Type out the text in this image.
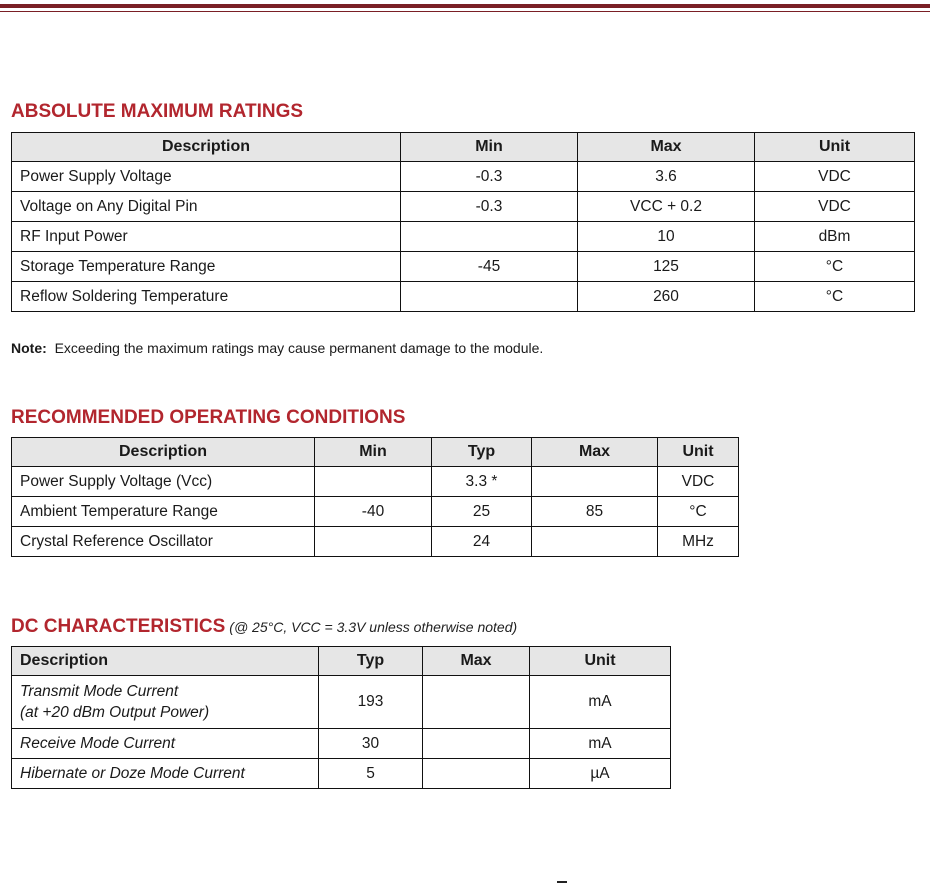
ABSOLUTE MAXIMUM RATINGS
Description	Min	Max	Unit
Power Supply Voltage	-0.3	3.6	VDC
Voltage on Any Digital Pin	-0.3	VCC + 0.2	VDC
RF Input Power		10	dBm
Storage Temperature Range	-45	125	°C
Reflow Soldering Temperature		260	°C

Note: Exceeding the maximum ratings may cause permanent damage to the module.

RECOMMENDED OPERATING CONDITIONS
Description	Min	Typ	Max	Unit
Power Supply Voltage (Vcc)		3.3 *		VDC
Ambient Temperature Range	-40	25	85	°C
Crystal Reference Oscillator		24		MHz
DC CHARACTERISTICS (@ 25°C, VCC = 3.3V unless otherwise noted)
Description	Typ	Max	Unit
Transmit Mode Current
(at +20 dBm Output Power)	193		mA
Receive Mode Current	30		mA
Hibernate or Doze Mode Current	5		µA
